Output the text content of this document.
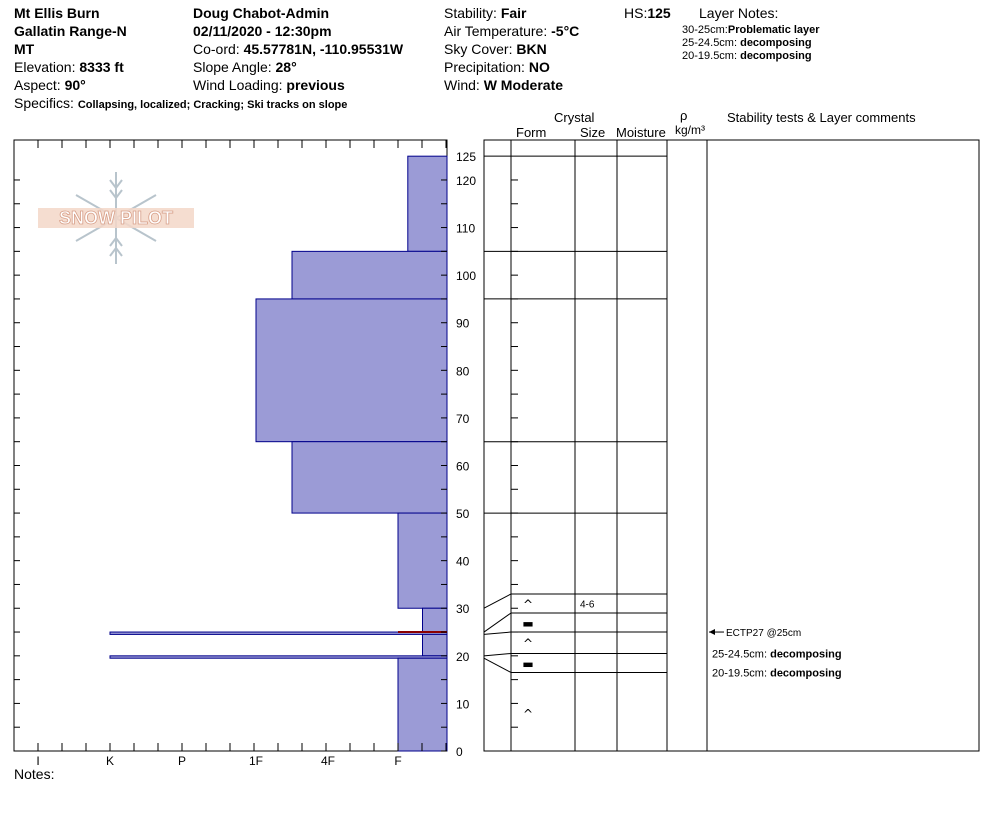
Mt Ellis Burn
Gallatin Range-N
MT
Elevation: 8333 ft
Aspect: 90°
Specifics: Collapsing, localized; Cracking; Ski tracks on slope
Doug Chabot-Admin
02/11/2020 - 12:30pm
Co-ord: 45.57781N, -110.95531W
Slope Angle: 28°
Wind Loading: previous
Stability: Fair
Air Temperature: -5°C
Sky Cover: BKN
Precipitation: NO
Wind: W Moderate
HS:125 Layer Notes:
30-25cm:Problematic layer
25-24.5cm: decomposing
20-19.5cm: decomposing
Crystal
Form	Size Moisture
ρ
kg/m³
Stability tests & Layer comments
SNOW PILOT
I	K	P	1F	4F	F
0
10
20
30
40
50
60
70
80
90
100
110
120
125
^	4-6
▬
^
▬
^
ECTP27 @25cm
25-24.5cm: decomposing
20-19.5cm: decomposing
Notes:
